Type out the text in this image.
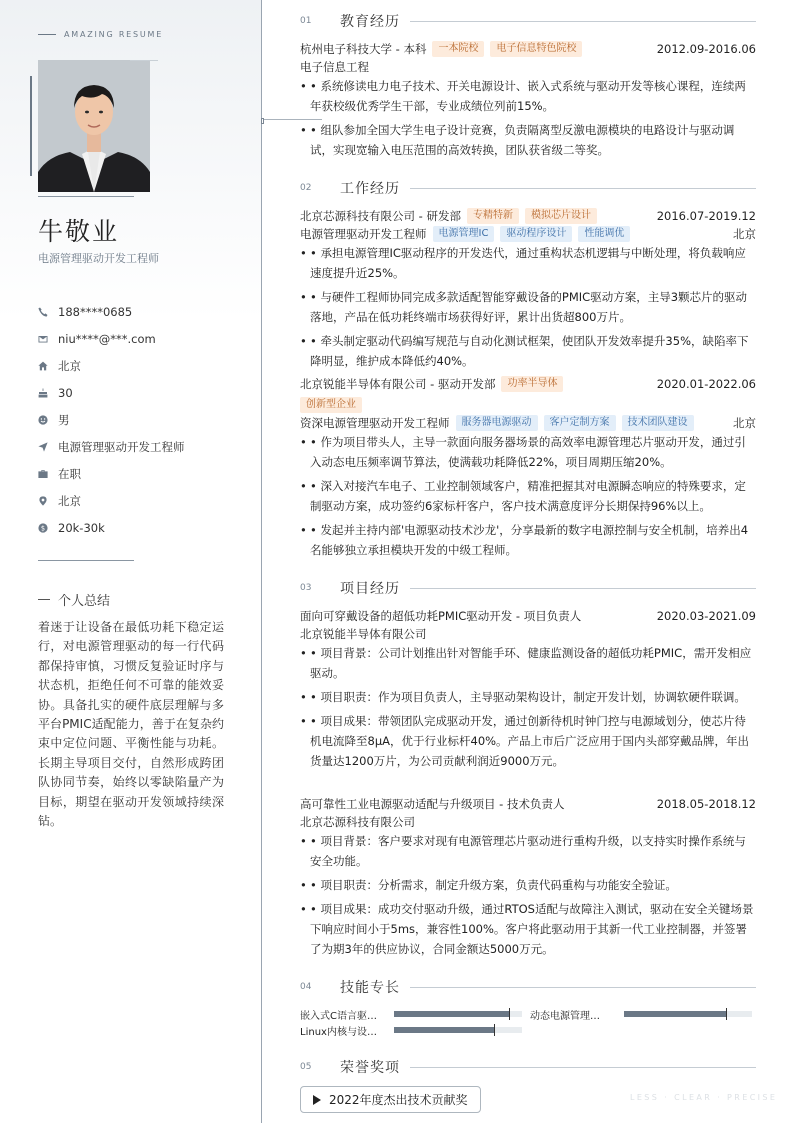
AMAZING RESUME
牛敬业
电源管理驱动开发工程师
188****0685
niu****@***.com
北京
30
男
电源管理驱动开发工程师
在职
北京
$ 20k-30k
个人总结
着迷于让设备在最低功耗下稳定运行，对电源管理驱动的每一行代码都保持审慎，习惯反复验证时序与状态机，拒绝任何不可靠的能效妥协。具备扎实的硬件底层理解与多平台PMIC适配能力，善于在复杂约束中定位问题、平衡性能与功耗。长期主导项目交付，自然形成跨团队协同节奏，始终以零缺陷量产为目标，期望在驱动开发领域持续深钻。
01	教育经历
杭州电子科技大学 - 本科	一本院校	电子信息特色院校	2012.09-2016.06
电子信息工程
• • 系统修读电力电子技术、开关电源设计、嵌入式系统与驱动开发等核心课程，连续两年获校级优秀学生干部，专业成绩位列前15%。
• • 组队参加全国大学生电子设计竞赛，负责隔离型反激电源模块的电路设计与驱动调试，实现宽输入电压范围的高效转换，团队获省级二等奖。
02	工作经历
北京芯源科技有限公司 - 研发部	专精特新	模拟芯片设计	2016.07-2019.12
电源管理驱动开发工程师	电源管理IC	驱动程序设计	性能调优	北京
• • 承担电源管理IC驱动程序的开发迭代，通过重构状态机逻辑与中断处理，将负载响应速度提升近25%。
• • 与硬件工程师协同完成多款适配智能穿戴设备的PMIC驱动方案，主导3颗芯片的驱动落地，产品在低功耗终端市场获得好评，累计出货超800万片。
• • 牵头制定驱动代码编写规范与自动化测试框架，使团队开发效率提升35%，缺陷率下降明显，维护成本降低约40%。
北京锐能半导体有限公司 - 驱动开发部	功率半导体	2020.01-2022.06
创新型企业
资深电源管理驱动开发工程师	服务器电源驱动	客户定制方案	技术团队建设	北京
• • 作为项目带头人，主导一款面向服务器场景的高效率电源管理芯片驱动开发，通过引入动态电压频率调节算法，使满载功耗降低22%，项目周期压缩20%。
• • 深入对接汽车电子、工业控制领域客户，精准把握其对电源瞬态响应的特殊要求，定制驱动方案，成功签约6家标杆客户，客户技术满意度评分长期保持96%以上。
• • 发起并主持内部'电源驱动技术沙龙'，分享最新的数字电源控制与安全机制，培养出4名能够独立承担模块开发的中级工程师。
03	项目经历
面向可穿戴设备的超低功耗PMIC驱动开发 - 项目负责人	2020.03-2021.09
北京锐能半导体有限公司
• • 项目背景：公司计划推出针对智能手环、健康监测设备的超低功耗PMIC，需开发相应驱动。
• • 项目职责：作为项目负责人，主导驱动架构设计，制定开发计划，协调软硬件联调。
• • 项目成果：带领团队完成驱动开发，通过创新待机时钟门控与电源域划分，使芯片待机电流降至8μA，优于行业标杆40%。产品上市后广泛应用于国内头部穿戴品牌，年出货量达1200万片，为公司贡献利润近9000万元。
高可靠性工业电源驱动适配与升级项目 - 技术负责人	2018.05-2018.12
北京芯源科技有限公司
• • 项目背景：客户要求对现有电源管理芯片驱动进行重构升级，以支持实时操作系统与安全功能。
• • 项目职责：分析需求，制定升级方案，负责代码重构与功能安全验证。
• • 项目成果：成功交付驱动升级，通过RTOS适配与故障注入测试，驱动在安全关键场景下响应时间小于5ms，兼容性100%。客户将此驱动用于其新一代工业控制器，并签署了为期3年的供应协议，合同金额达5000万元。
04	技能专长
嵌入式C语言驱…	动态电源管理…
Linux内核与设…
05	荣誉奖项
2022年度杰出技术贡献奖	LESS · CLEAR · PRECISE
